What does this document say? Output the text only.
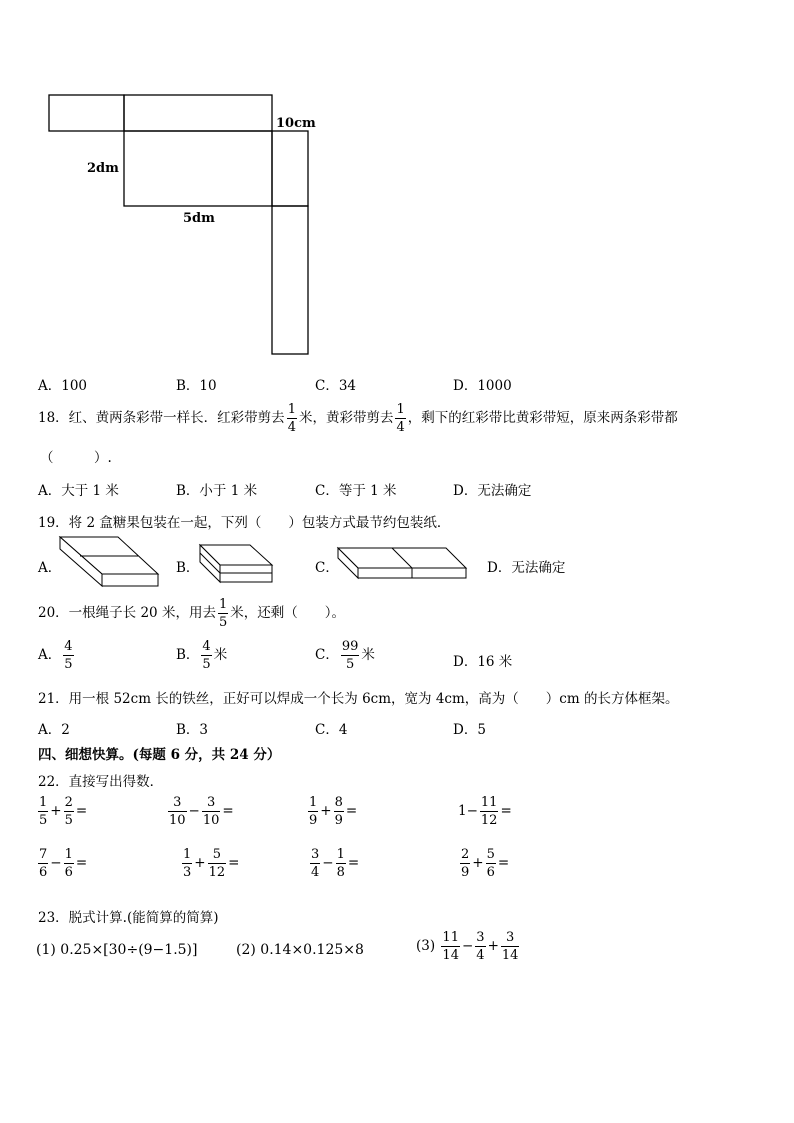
10cm
2dm
5dm
A．100	B．10	C．34	D．1000
18．红、黄两条彩带一样长．红彩带剪去 $\frac{1}{4}$ 米，黄彩带剪去 $\frac{1}{4}$ ，剩下的红彩带比黄彩带短，原来两条彩带都
（　　　）.
A．大于 1 米	B．小于 1 米	C．等于 1 米	D．无法确定
19．将 2 盒糖果包装在一起，下列（　　）包装方式最节约包装纸．
A．	B．	C．	D．无法确定
20．一根绳子长 20 米，用去 $\frac{1}{5}$ 米，还剩（　　）。
A． $\frac{4}{5}$	B． $\frac{4}{5}$ 米	C． $\frac{99}{5}$ 米	D．16 米
21．用一根 52cm 长的铁丝，正好可以焊成一个长为 6cm，宽为 4cm，高为（　　）cm 的长方体框架。
A．2	B．3	C．4	D．5
四、细想快算。(每题 6 分，共 24 分）
22．直接写出得数．
$\frac{1}{5} + \frac{2}{5}$ =	$\frac{3}{10} - \frac{3}{10}$ =	$\frac{1}{9} + \frac{8}{9}$ =	$1- \frac{11}{12}$ =
$\frac{7}{6} - \frac{1}{6}$ =	$\frac{1}{3} + \frac{5}{12}$ =	$\frac{3}{4} - \frac{1}{8}$ =	$\frac{2}{9} + \frac{5}{6}$ =
23．脱式计算.(能简算的简算)
(1) 0.25×[30÷(9−1.5)]	(2) 0.14×0.125×8	$(3) \frac{11}{14} - \frac{3}{4} + \frac{3}{14}$
